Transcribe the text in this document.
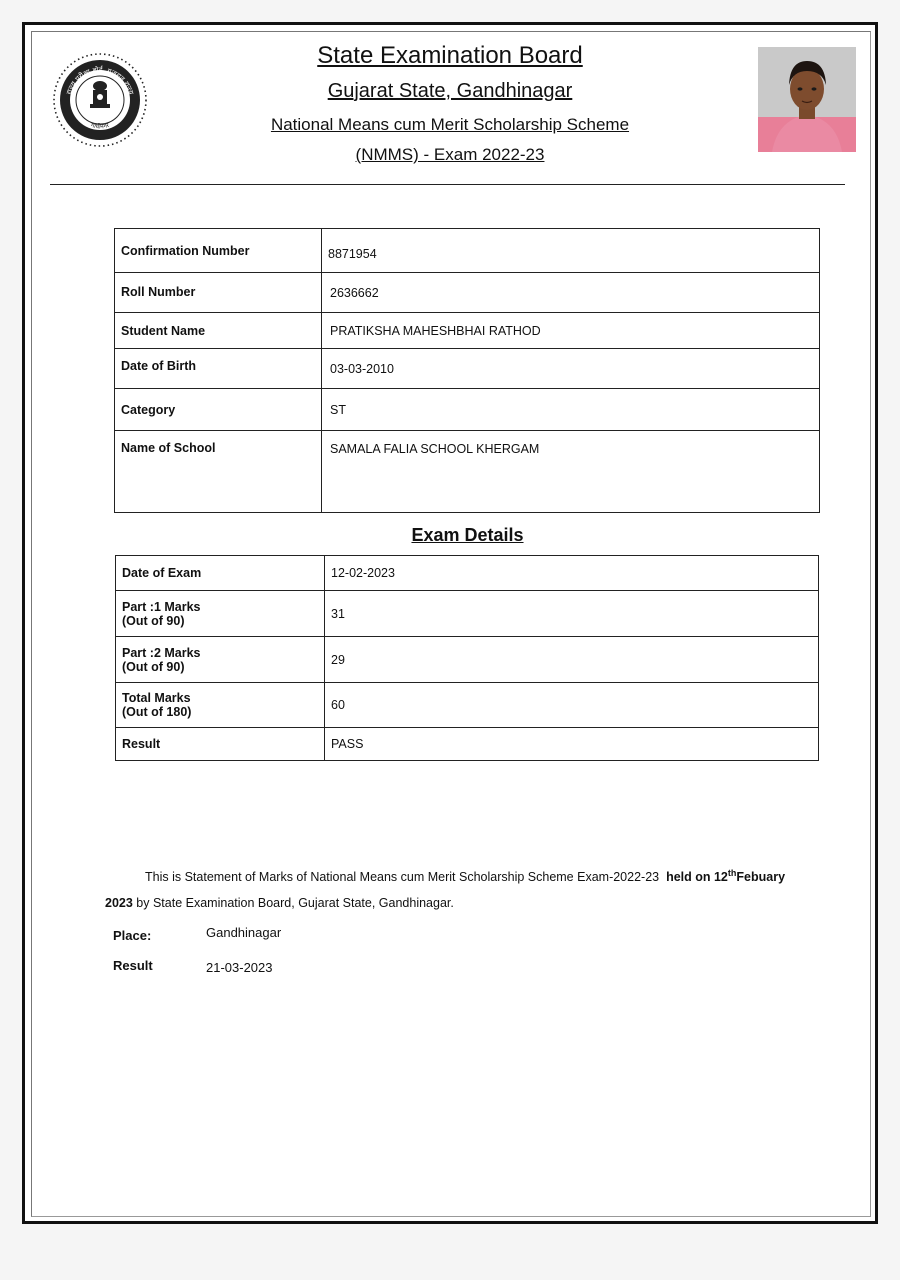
राज्य परीक्षा बोर्ड, गुजरात राज्य
गांधीनगर
State Examination Board
Gujarat State, Gandhinagar
National Means cum Merit Scholarship Scheme
(NMMS) - Exam 2022-23
Confirmation Number	8871954
Roll Number	2636662
Student Name	PRATIKSHA MAHESHBHAI RATHOD
Date of Birth	03-03-2010
Category	ST
Name of School	SAMALA FALIA SCHOOL KHERGAM
Exam Details
Date of Exam	12-02-2023
Part :1 Marks
(Out of 90)	31
Part :2 Marks
(Out of 90)	29
Total Marks
(Out of 180)	60
Result	PASS
This is Statement of Marks of National Means cum Merit Scholarship Scheme Exam-2022-23 held on 12thFebuary
2023 by State Examination Board, Gujarat State, Gandhinagar.
Place:	Gandhinagar
Result	21-03-2023
